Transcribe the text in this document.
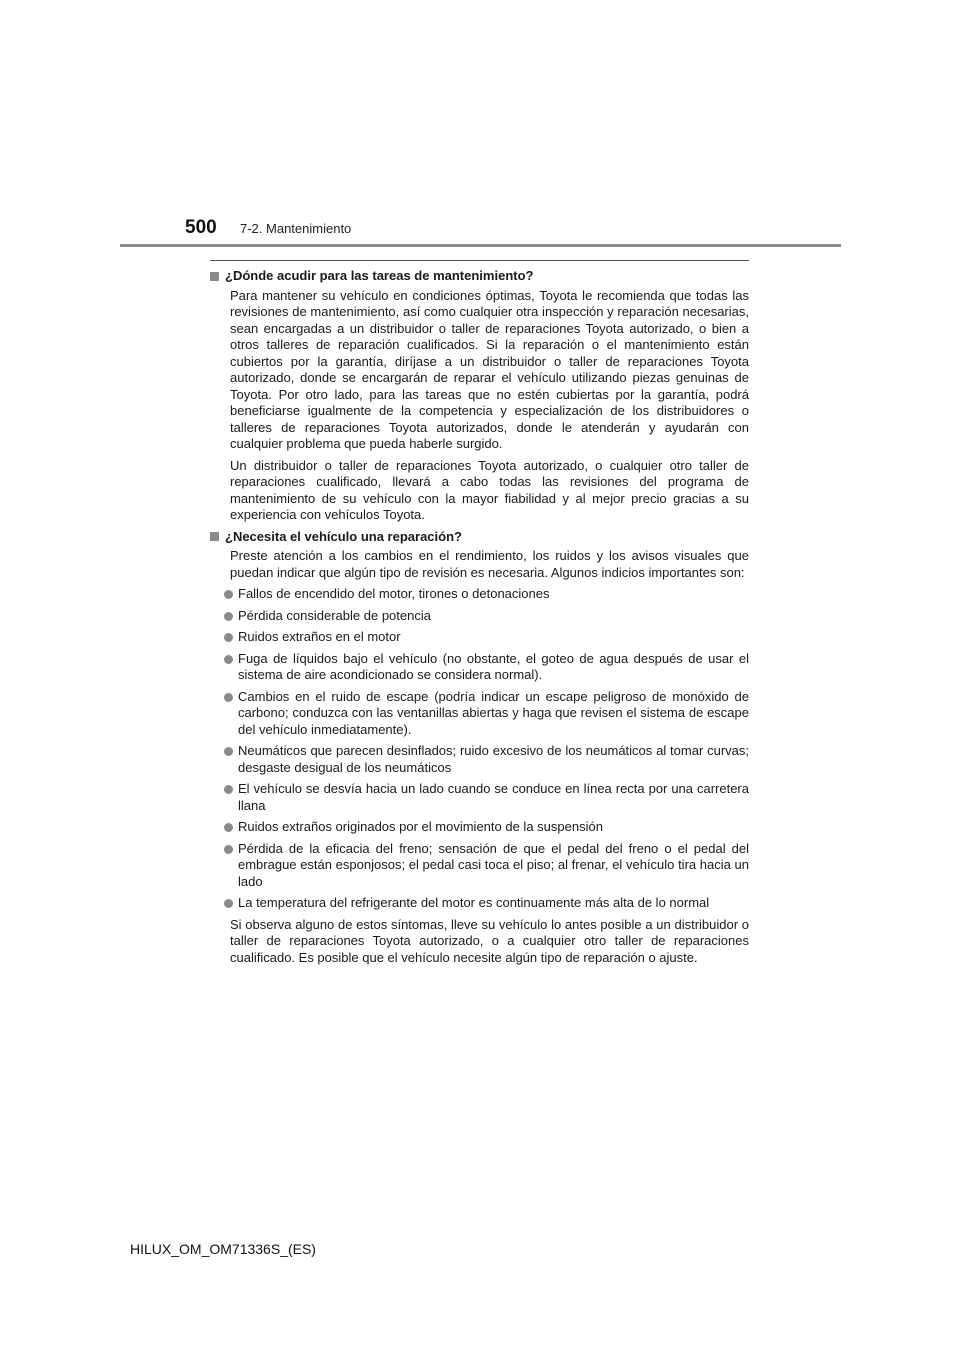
500 7-2. Mantenimiento
¿Dónde acudir para las tareas de mantenimiento?

Para mantener su vehículo en condiciones óptimas, Toyota le recomienda que todas las revisiones de mantenimiento, así como cualquier otra inspección y reparación necesarias, sean encargadas a un distribuidor o taller de reparaciones Toyota autorizado, o bien a otros talleres de reparación cualificados. Si la reparación o el mantenimiento están cubiertos por la garantía, diríjase a un distribuidor o taller de reparaciones Toyota autorizado, donde se encargarán de reparar el vehículo utilizando piezas genuinas de Toyota. Por otro lado, para las tareas que no estén cubiertas por la garantía, podrá beneficiarse igualmente de la competencia y especialización de los distribuidores o talleres de reparaciones Toyota autorizados, donde le atenderán y ayudarán con cualquier problema que pueda haberle surgido.

Un distribuidor o taller de reparaciones Toyota autorizado, o cualquier otro taller de reparaciones cualificado, llevará a cabo todas las revisiones del programa de mantenimiento de su vehículo con la mayor fiabilidad y al mejor precio gracias a su experiencia con vehículos Toyota.

¿Necesita el vehículo una reparación?

Preste atención a los cambios en el rendimiento, los ruidos y los avisos visuales que puedan indicar que algún tipo de revisión es necesaria. Algunos indicios importantes son:

Fallos de encendido del motor, tirones o detonaciones
Pérdida considerable de potencia
Ruidos extraños en el motor
Fuga de líquidos bajo el vehículo (no obstante, el goteo de agua después de usar el sistema de aire acondicionado se considera normal).
Cambios en el ruido de escape (podría indicar un escape peligroso de monóxido de carbono; conduzca con las ventanillas abiertas y haga que revisen el sistema de escape del vehículo inmediatamente).
Neumáticos que parecen desinflados; ruido excesivo de los neumáticos al tomar curvas; desgaste desigual de los neumáticos
El vehículo se desvía hacia un lado cuando se conduce en línea recta por una carretera llana
Ruidos extraños originados por el movimiento de la suspensión
Pérdida de la eficacia del freno; sensación de que el pedal del freno o el pedal del embrague están esponjosos; el pedal casi toca el piso; al frenar, el vehículo tira hacia un lado
La temperatura del refrigerante del motor es continuamente más alta de lo normal

Si observa alguno de estos síntomas, lleve su vehículo lo antes posible a un distribuidor o taller de reparaciones Toyota autorizado, o a cualquier otro taller de reparaciones cualificado. Es posible que el vehículo necesite algún tipo de reparación o ajuste.

HILUX_OM_OM71336S_(ES)
